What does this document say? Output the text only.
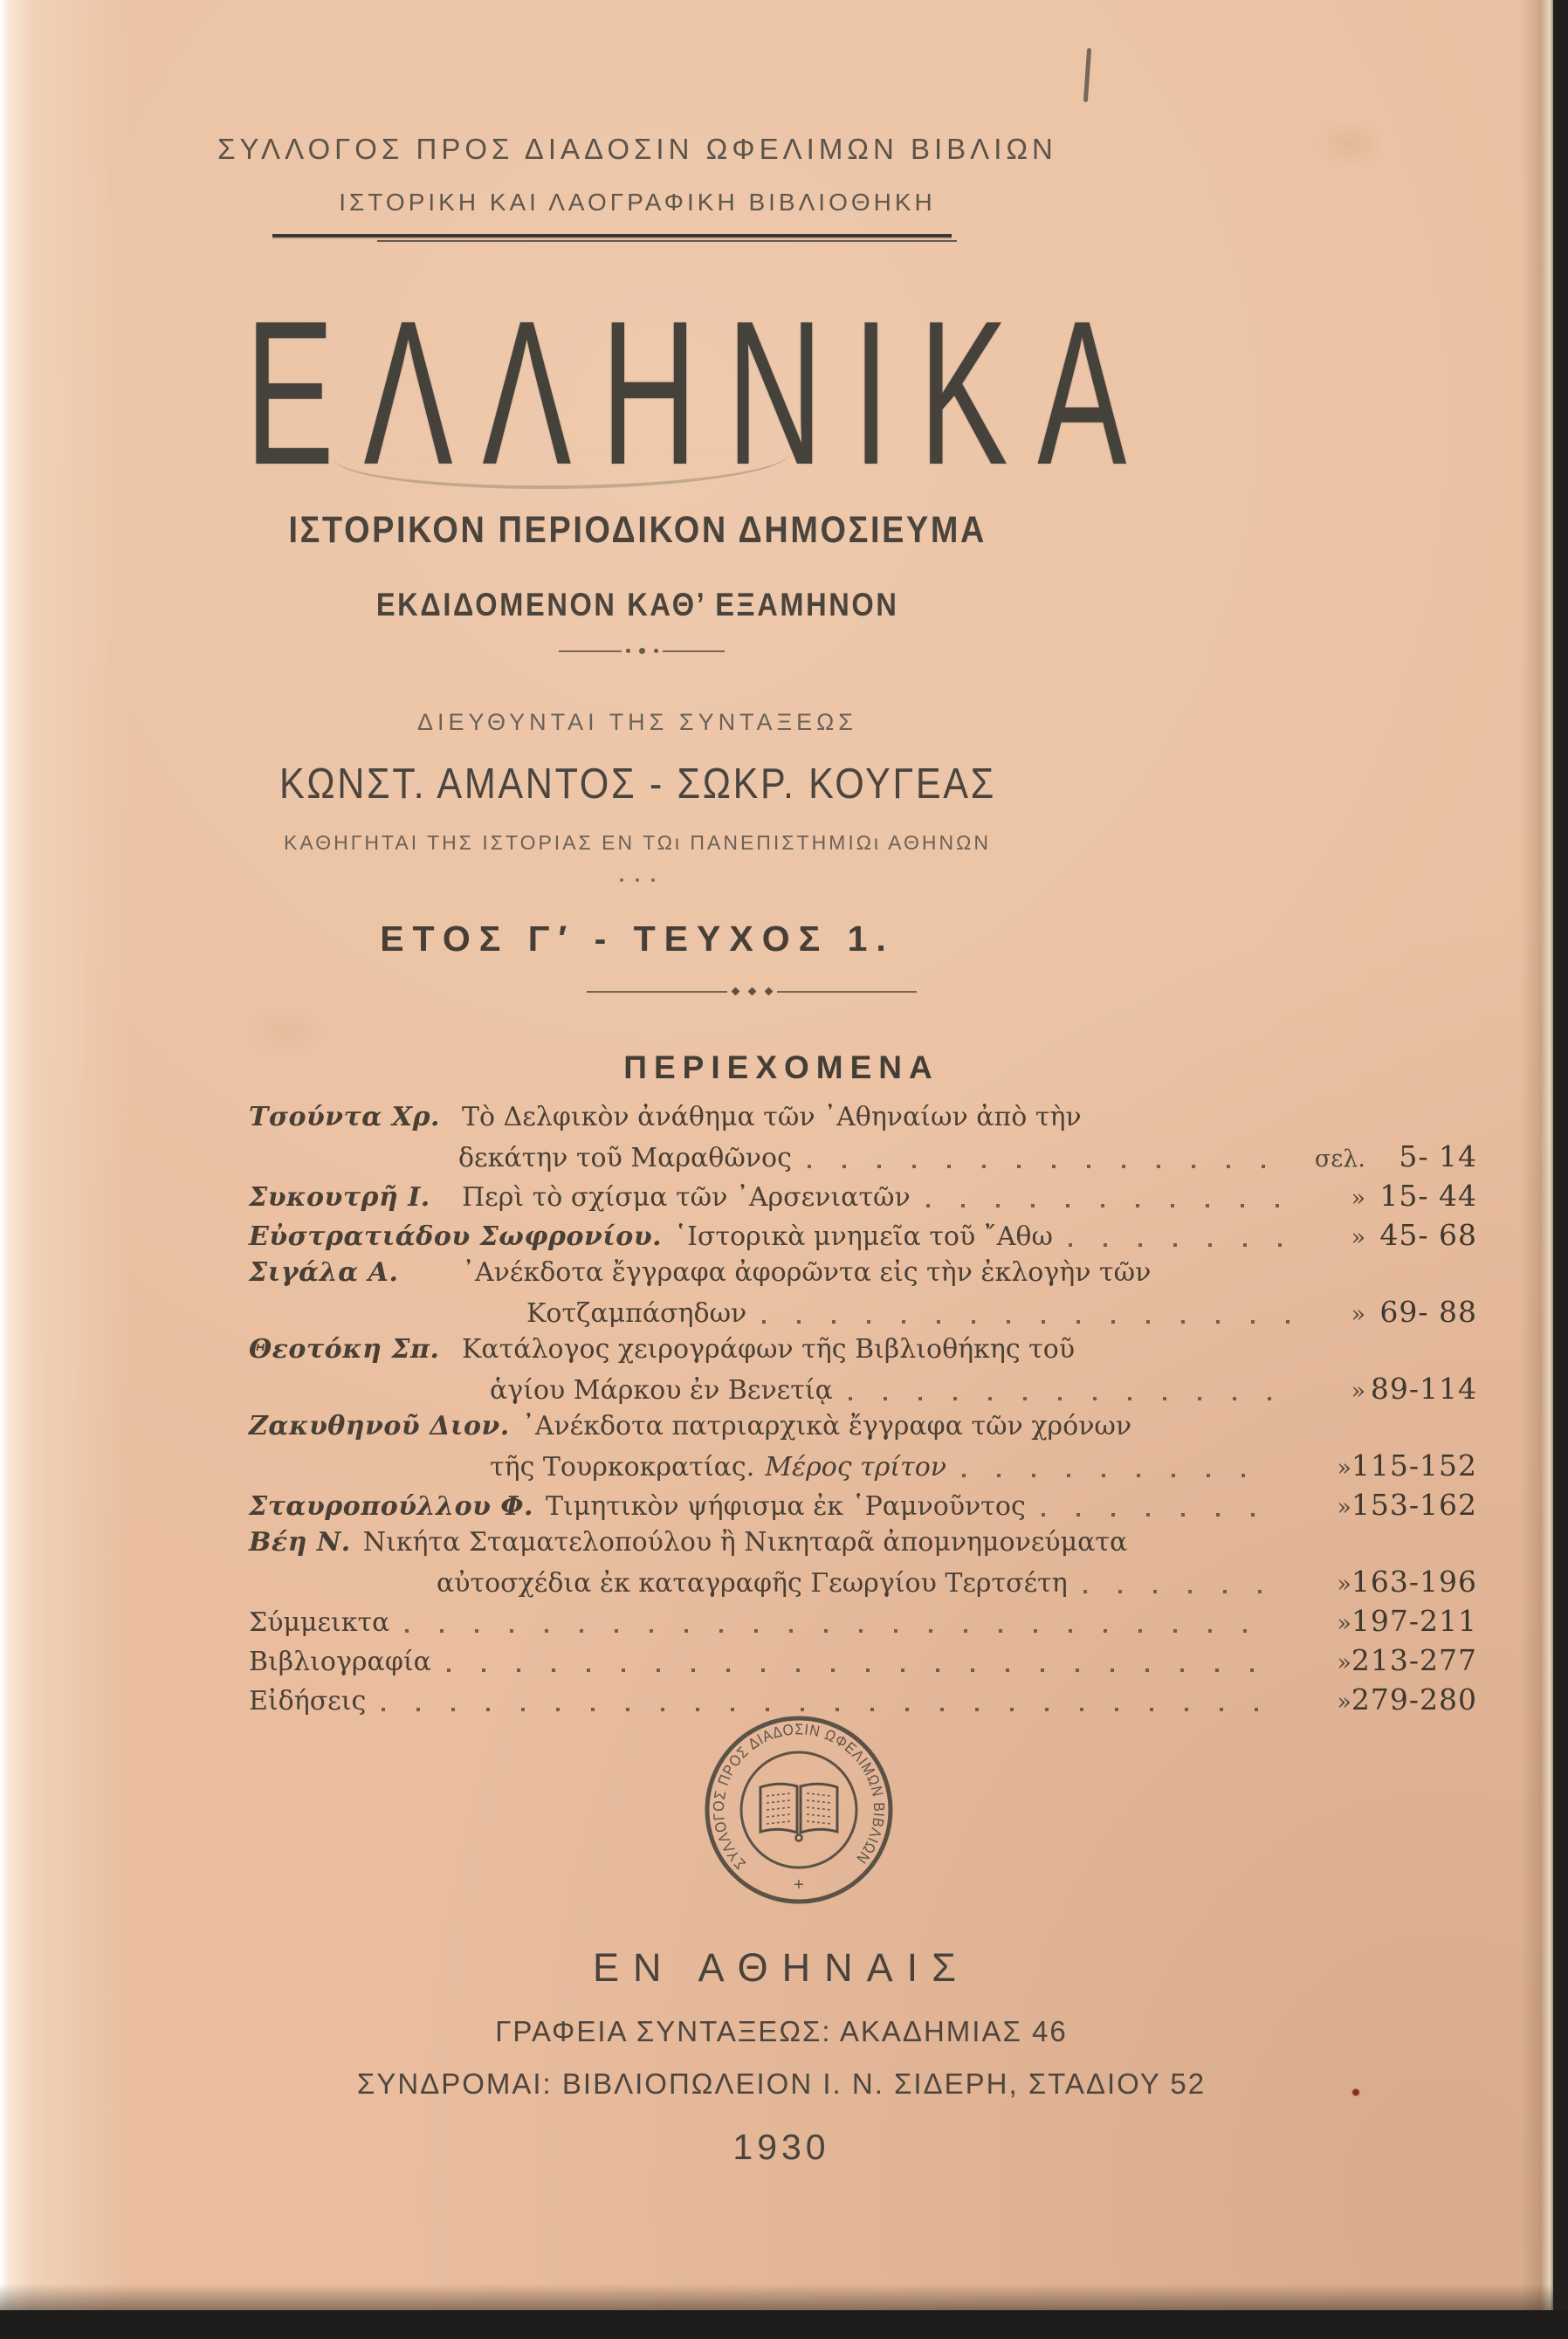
ΣΥΛΛΟΓΟΣ ΠΡΟΣ ΔΙΑΔΟΣΙΝ ΩΦΕΛΙΜΩΝ ΒΙΒΛΙΩΝ
ΙΣΤΟΡΙΚΗ ΚΑΙ ΛΑΟΓΡΑΦΙΚΗ ΒΙΒΛΙΟΘΗΚΗ
ΕΛΛΗΝΙΚΑ
ΙΣΤΟΡΙΚΟΝ ΠΕΡΙΟΔΙΚΟΝ ΔΗΜΟΣΙΕΥΜΑ
ΕΚΔΙΔΟΜΕΝΟΝ ΚΑΘ’ ΕΞΑΜΗΝΟΝ
ΔΙΕΥΘΥΝΤΑΙ ΤΗΣ ΣΥΝΤΑΞΕΩΣ
ΚΩΝΣΤ. ΑΜΑΝΤΟΣ - ΣΩΚΡ. ΚΟΥΓΕΑΣ
ΚΑΘΗΓΗΤΑΙ ΤΗΣ ΙΣΤΟΡΙΑΣ ΕΝ ΤΩι ΠΑΝΕΠΙΣΤΗΜΙΩι ΑΘΗΝΩΝ
ΕΤΟΣ Γ′ - ΤΕΥΧΟΣ 1.
ΠΕΡΙΕΧΟΜΕΝΑ
Τσούντα Χρ. Τὸ Δελφικὸν ἀνάθημα τῶν ᾿Αθηναίων ἀπὸ τὴν
δεκάτην τοῦ Μαραθῶνος	σελ.	5- 14
Συκουτρῆ Ι.	Περὶ τὸ σχίσμα τῶν ᾿Αρσενιατῶν	» 15- 44
Εὐστρατιάδου Σωφρονίου. ῾Ιστορικὰ μνημεῖα τοῦ ῎Αθω	» 45- 68
Σιγάλα Α.	᾿Ανέκδοτα ἔγγραφα ἀφορῶντα εἰς τὴν ἐκλογὴν τῶν
Κοτζαμπάσηδων	» 69- 88
Θεοτόκη Σπ. Κατάλογος χειρογράφων τῆς Βιβλιοθήκης τοῦ
ἁγίου Μάρκου ἐν Βενετίᾳ	» 89-114
Ζακυθηνοῦ Διον. ᾿Ανέκδοτα πατριαρχικὰ ἔγγραφα τῶν χρόνων
τῆς Τουρκοκρατίας. Μέρος τρίτον	» 115-152
Σταυροπούλλου Φ. Τιμητικὸν ψήφισμα ἐκ ῾Ραμνοῦντος	» 153-162
Βέη Ν. Νικήτα Σταματελοπούλου ἢ Νικηταρᾶ ἀπομνημονεύματα
αὐτοσχέδια ἐκ καταγραφῆς Γεωργίου Τερτσέτη	» 163-196
Σύμμεικτα	» 197-211
Βιβλιογραφία	» 213-277
Εἰδήσεις	» 279-280
ΣΥΛΛΟΓΟΣ ΠΡΟΣ ΔΙΑΔΟΣΙΝ ΩΦΕΛΙΜΩΝ ΒΙΒΛΙΩΝ
+
ΕΝ ΑΘΗΝΑΙΣ
ΓΡΑΦΕΙΑ ΣΥΝΤΑΞΕΩΣ: ΑΚΑΔΗΜΙΑΣ 46
ΣΥΝΔΡΟΜΑΙ: ΒΙΒΛΙΟΠΩΛΕΙΟΝ Ι. Ν. ΣΙΔΕΡΗ, ΣΤΑΔΙΟΥ 52
1930
